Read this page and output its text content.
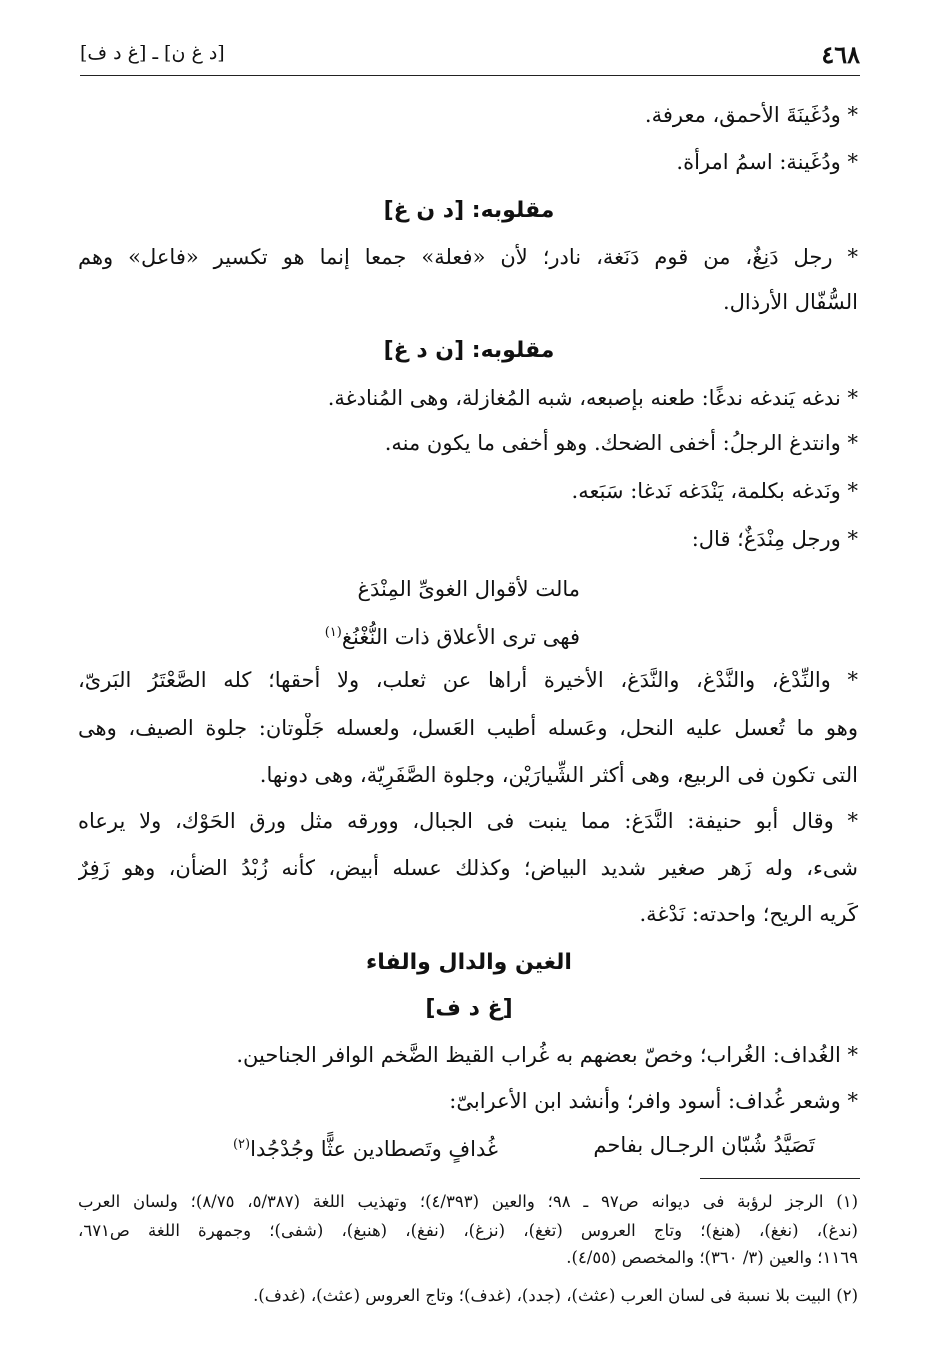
٤٦٨
[د غ ن] ـ [غ د ف]
* ودُغَينَةَ الأحمق، معرفة.
* ودُغَينة: اسمُ امرأة.
مقلوبه: [د ن غ]
* رجل دَنِغٌ، من قوم دَنَغة، نادر؛ لأن «فعلة» جمعا إنما هو تكسير «فاعل» وهم
السُّفّال الأرذال.
مقلوبه: [ن د غ]
* ندغه يَندغه ندغًا: طعنه بإصبعه، شبه المُغازلة، وهى المُنادغة.
* وانتدغ الرجلُ: أخفى الضحك. وهو أخفى ما يكون منه.
* ونَدغه بكلمة، يَنْدَغه نَدغا: سَبَعه.
* ورجل مِنْدَغٌ؛ قال:
مالت لأقوال الغوىِّ المِنْدَغ
فهى ترى الأعلاق ذات النُّغْنُغ$^{(١)}$
* والنِّدْغ، والنَّدْغ، والنَّدَغ، الأخيرة أراها عن ثعلب، ولا أحقها؛ كله الصَّعْتَرُ البَرىّ،
وهو ما تُعسل عليه النحل، وعَسله أطيب العَسل، ولعسله جَلْوتان: جلوة الصيف، وهى
التى تكون فى الربيع، وهى أكثر الشِّيارَيْن، وجلوة الصَّفَرِيّة، وهى دونها.
* وقال أبو حنيفة: النَّدَغ: مما ينبت فى الجبال، وورقه مثل ورق الحَوْك، ولا يرعاه
شىء، وله زَهر صغير شديد البياض؛ وكذلك عسله أبيض، كأنه زُبْدُ الضأن، وهو زَفِرٌ
كَريه الريح؛ واحدته: نَدْغة.
الغين والدال والفاء
[غ د ف]
* الغُداف: الغُراب؛ وخصّ بعضهم به غُراب القيظ الضَّخم الوافر الجناحين.
* وشعر غُداف: أسود وافر؛ وأنشد ابن الأعرابىّ:
تَصَيَّدُ شُبّان الرجـال بفاحم
غُدافٍ وتَصطادين عثًّا وجُدْجُدا$^{(٢)}$
(١) الرجز لرؤبة فى ديوانه ص٩٧ ـ ٩٨؛ والعين (٤/٣٩٣)؛ وتهذيب اللغة (٥/٣٨٧، ٨/٧٥)؛ ولسان العرب
(ندغ)، (نغغ)، (هنغ)؛ وتاج العروس (تغغ)، (نزغ)، (نفغ)، (هنبغ)، (شفى)؛ وجمهرة اللغة ص٦٧١،
١١٦٩؛ والعين (٣/ ٣٦٠)؛ والمخصص (٤/٥٥).
(٢) البيت بلا نسبة فى لسان العرب (عثث)، (جدد)، (غدف)؛ وتاج العروس (عثث)، (غدف).
